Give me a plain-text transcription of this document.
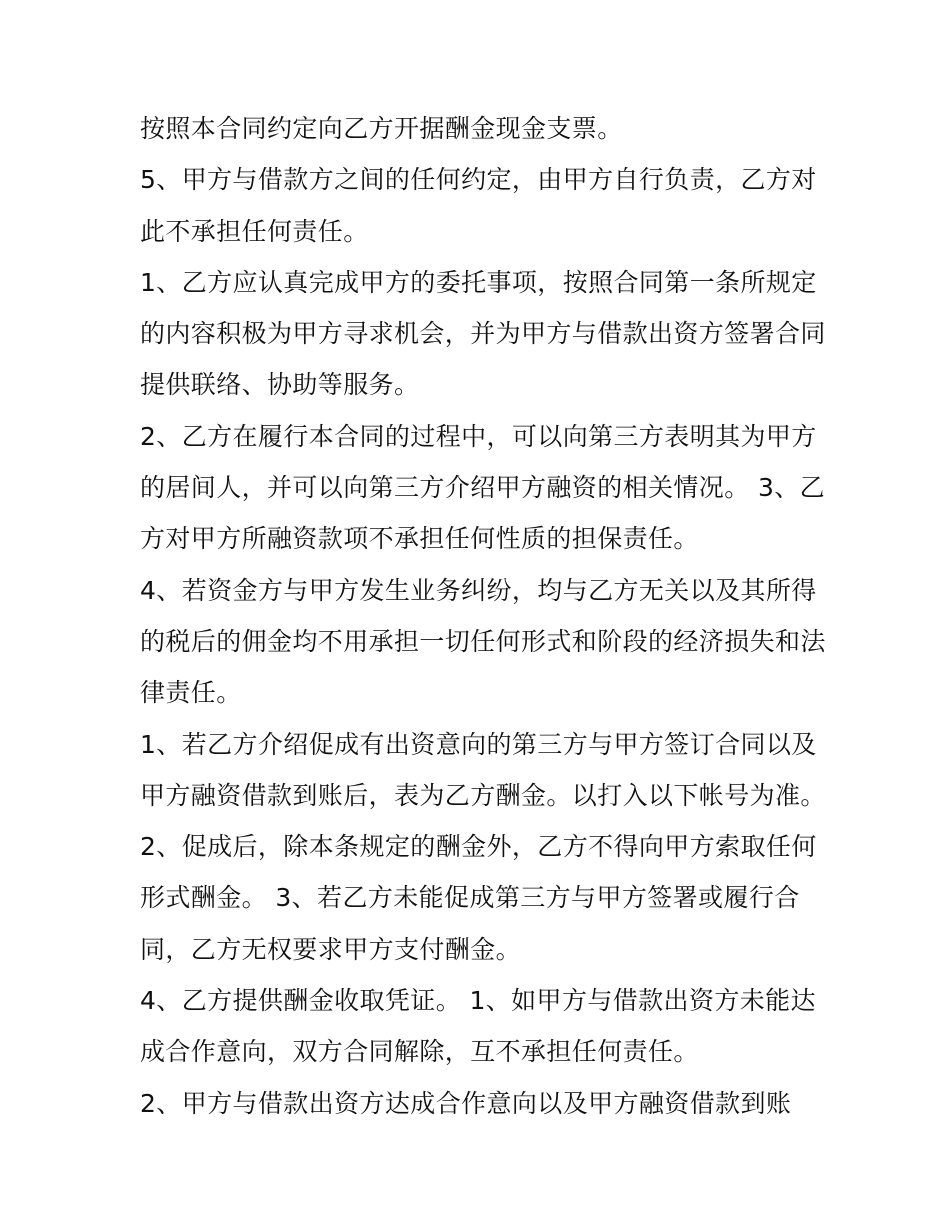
按照本合同约定向乙方开据酬金现金支票。
5、甲方与借款方之间的任何约定，由甲方自行负责，乙方对
此不承担任何责任。
1、乙方应认真完成甲方的委托事项，按照合同第一条所规定
的内容积极为甲方寻求机会，并为甲方与借款出资方签署合同
提供联络、协助等服务。
2、乙方在履行本合同的过程中，可以向第三方表明其为甲方
的居间人，并可以向第三方介绍甲方融资的相关情况。 3、乙
方对甲方所融资款项不承担任何性质的担保责任。
4、若资金方与甲方发生业务纠纷，均与乙方无关以及其所得
的税后的佣金均不用承担一切任何形式和阶段的经济损失和法
律责任。
1、若乙方介绍促成有出资意向的第三方与甲方签订合同以及
甲方融资借款到账后，表为乙方酬金。以打入以下帐号为准。
2、促成后，除本条规定的酬金外，乙方不得向甲方索取任何
形式酬金。 3、若乙方未能促成第三方与甲方签署或履行合
同，乙方无权要求甲方支付酬金。
4、乙方提供酬金收取凭证。 1、如甲方与借款出资方未能达
成合作意向，双方合同解除，互不承担任何责任。
2、甲方与借款出资方达成合作意向以及甲方融资借款到账
